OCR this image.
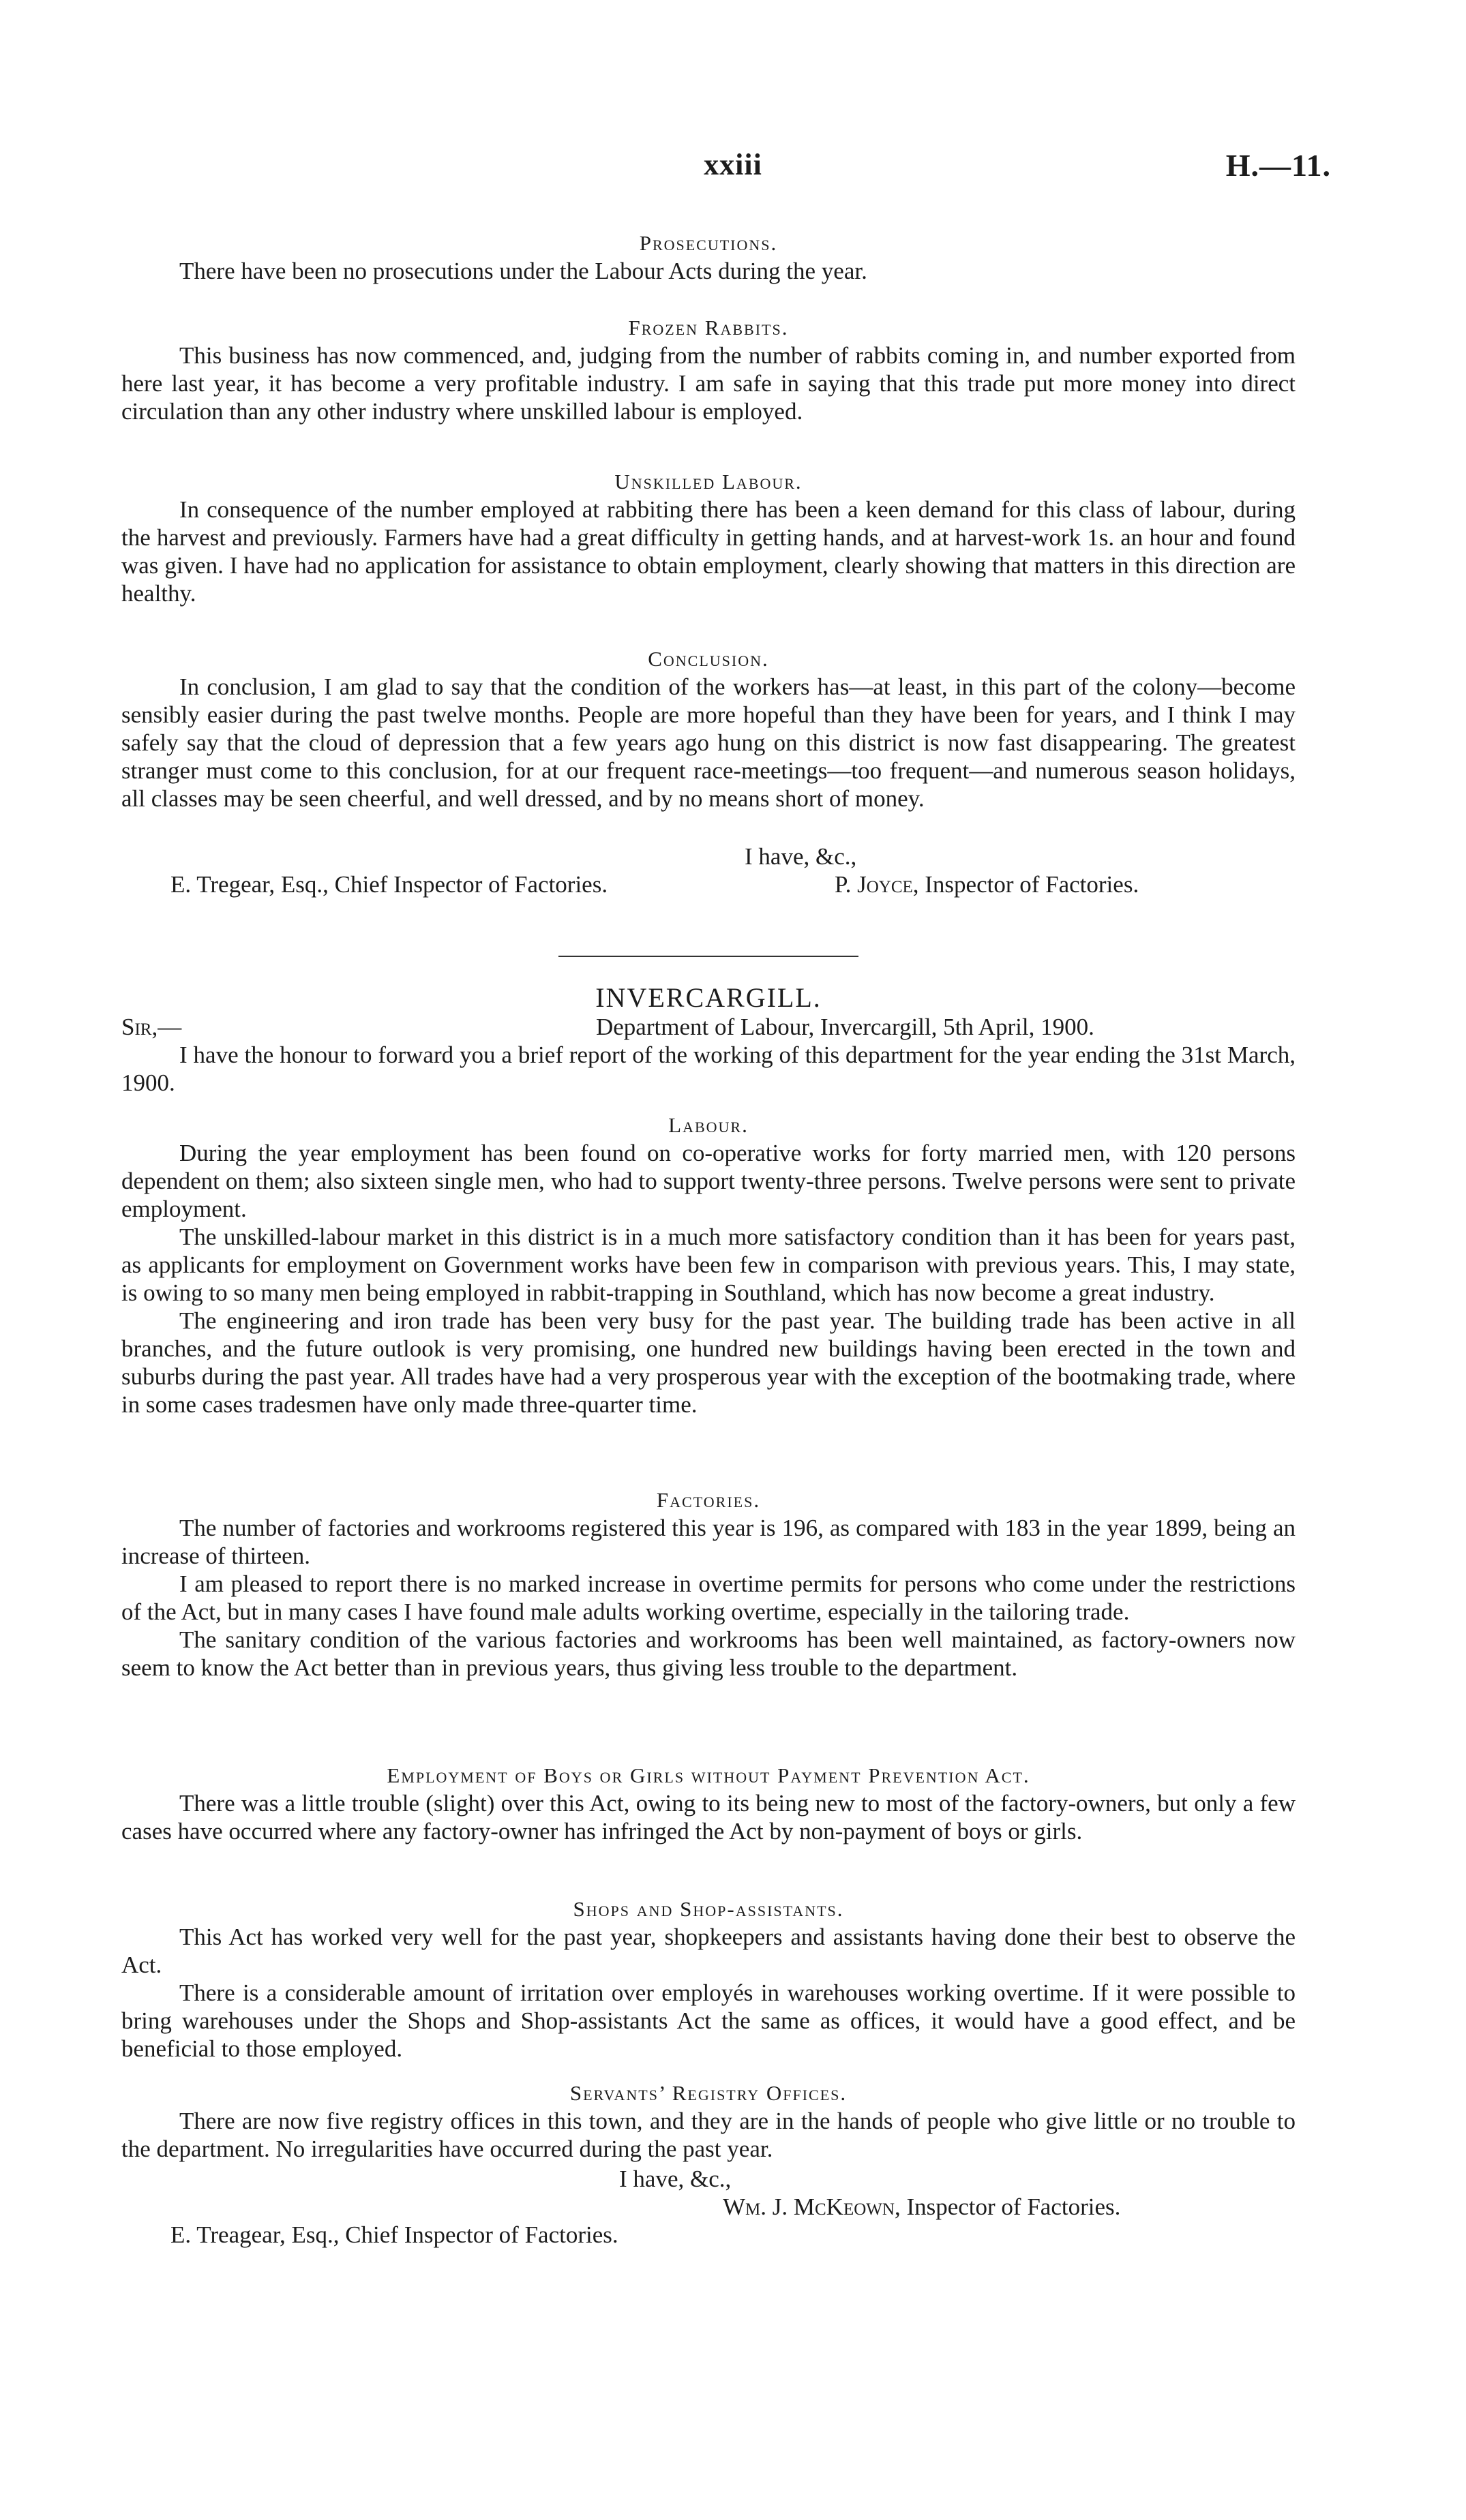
xxiii	H.—11.
Prosecutions.

There have been no prosecutions under the Labour Acts during the year.

Frozen Rabbits.

This business has now commenced, and, judging from the number of rabbits coming in, and number exported from here last year, it has become a very profitable industry. I am safe in saying that this trade put more money into direct circulation than any other industry where unskilled labour is employed.

Unskilled Labour.

In consequence of the number employed at rabbiting there has been a keen demand for this class of labour, during the harvest and previously. Farmers have had a great difficulty in getting hands, and at harvest-work 1s. an hour and found was given. I have had no application for assistance to obtain employment, clearly showing that matters in this direction are healthy.

Conclusion.

In conclusion, I am glad to say that the condition of the workers has—at least, in this part of the colony—become sensibly easier during the past twelve months. People are more hopeful than they have been for years, and I think I may safely say that the cloud of depression that a few years ago hung on this district is now fast disappearing. The greatest stranger must come to this conclusion, for at our frequent race-meetings—too frequent—and numerous season holidays, all classes may be seen cheerful, and well dressed, and by no means short of money.

I have, &c.,
E. Tregear, Esq., Chief Inspector of Factories.	P. Joyce, Inspector of Factories.
INVERCARGILL.
Sir,—	Department of Labour, Invercargill, 5th April, 1900.

I have the honour to forward you a brief report of the working of this department for the year ending the 31st March, 1900.

Labour.

During the year employment has been found on co-operative works for forty married men, with 120 persons dependent on them; also sixteen single men, who had to support twenty-three persons. Twelve persons were sent to private employment.

The unskilled-labour market in this district is in a much more satisfactory condition than it has been for years past, as applicants for employment on Government works have been few in comparison with previous years. This, I may state, is owing to so many men being employed in rabbit-trapping in Southland, which has now become a great industry.

The engineering and iron trade has been very busy for the past year. The building trade has been active in all branches, and the future outlook is very promising, one hundred new buildings having been erected in the town and suburbs during the past year. All trades have had a very prosperous year with the exception of the bootmaking trade, where in some cases tradesmen have only made three-quarter time.

Factories.

The number of factories and workrooms registered this year is 196, as compared with 183 in the year 1899, being an increase of thirteen.

I am pleased to report there is no marked increase in overtime permits for persons who come under the restrictions of the Act, but in many cases I have found male adults working overtime, especially in the tailoring trade.

The sanitary condition of the various factories and workrooms has been well maintained, as factory-owners now seem to know the Act better than in previous years, thus giving less trouble to the department.

Employment of Boys or Girls without Payment Prevention Act.

There was a little trouble (slight) over this Act, owing to its being new to most of the factory-owners, but only a few cases have occurred where any factory-owner has infringed the Act by non-payment of boys or girls.

Shops and Shop-assistants.

This Act has worked very well for the past year, shopkeepers and assistants having done their best to observe the Act.

There is a considerable amount of irritation over employés in warehouses working overtime. If it were possible to bring warehouses under the Shops and Shop-assistants Act the same as offices, it would have a good effect, and be beneficial to those employed.

Servants’ Registry Offices.

There are now five registry offices in this town, and they are in the hands of people who give little or no trouble to the department. No irregularities have occurred during the past year.

I have, &c.,
Wm. J. McKeown, Inspector of Factories.
E. Treagear, Esq., Chief Inspector of Factories.
